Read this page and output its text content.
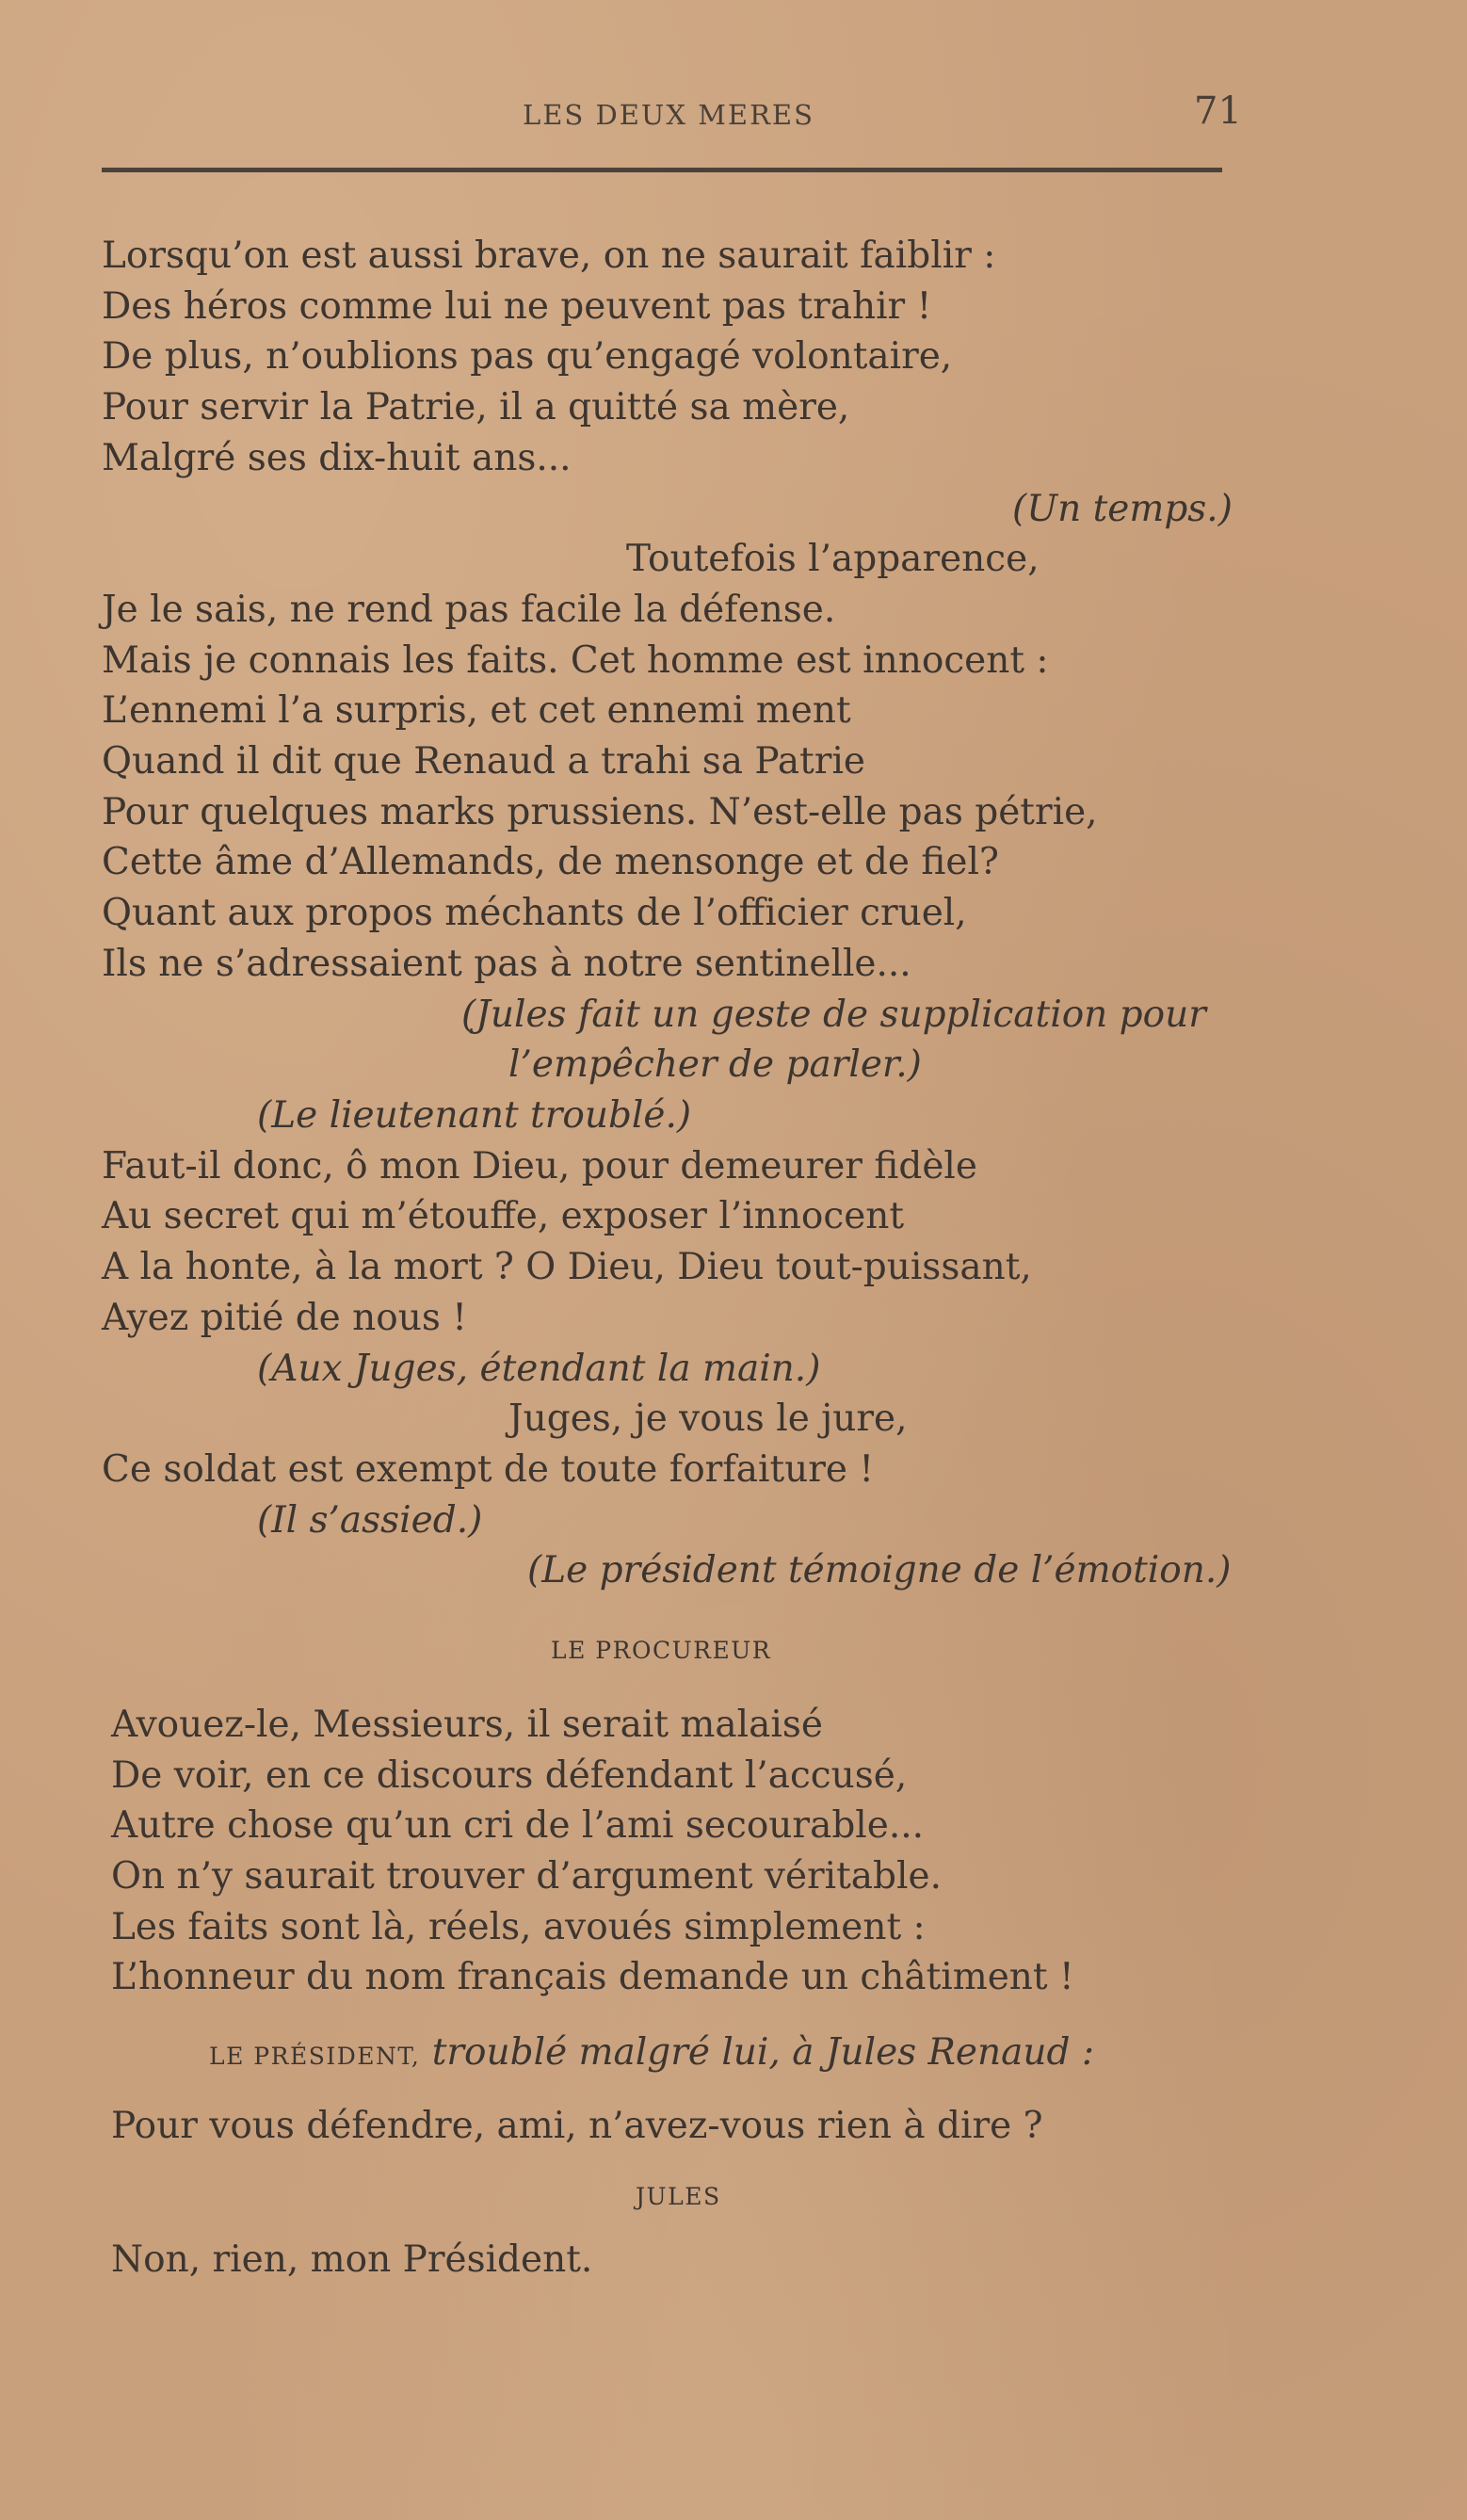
LES DEUX MERES	71
Lorsqu’on est aussi brave, on ne saurait faiblir :
Des héros comme lui ne peuvent pas trahir !
De plus, n’oublions pas qu’engagé volontaire,
Pour servir la Patrie, il a quitté sa mère,
Malgré ses dix-huit ans...
(Un temps.)
Toutefois l’apparence,
Je le sais, ne rend pas facile la défense.
Mais je connais les faits. Cet homme est innocent :
L’ennemi l’a surpris, et cet ennemi ment
Quand il dit que Renaud a trahi sa Patrie
Pour quelques marks prussiens. N’est-elle pas pétrie,
Cette âme d’Allemands, de mensonge et de fiel?
Quant aux propos méchants de l’officier cruel,
Ils ne s’adressaient pas à notre sentinelle...
(Jules fait un geste de supplication pour
l’empêcher de parler.)
(Le lieutenant troublé.)
Faut-il donc, ô mon Dieu, pour demeurer fidèle
Au secret qui m’étouffe, exposer l’innocent
A la honte, à la mort ? O Dieu, Dieu tout-puissant,
Ayez pitié de nous !
(Aux Juges, étendant la main.)
Juges, je vous le jure,
Ce soldat est exempt de toute forfaiture !
(Il s’assied.)
(Le président témoigne de l’émotion.)
LE PROCUREUR
Avouez-le, Messieurs, il serait malaisé
De voir, en ce discours défendant l’accusé,
Autre chose qu’un cri de l’ami secourable...
On n’y saurait trouver d’argument véritable.
Les faits sont là, réels, avoués simplement :
L’honneur du nom français demande un châtiment !
LE PRÉSIDENT, troublé malgré lui, à Jules Renaud :
Pour vous défendre, ami, n’avez-vous rien à dire ?
JULES
Non, rien, mon Président.
